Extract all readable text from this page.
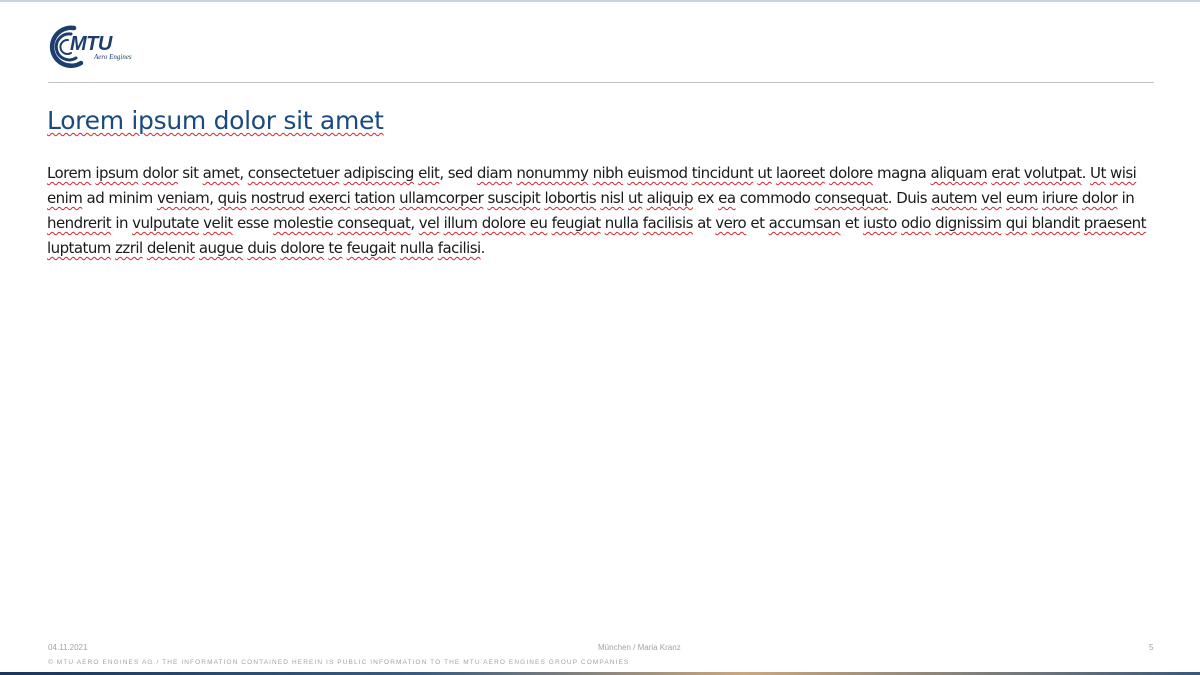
MTU
Aero Engines
Lorem ipsum dolor sit amet

Lorem ipsum dolor sit amet, consectetuer adipiscing elit, sed diam nonummy nibh euismod tincidunt ut laoreet dolore magna aliquam erat volutpat. Ut wisi enim ad minim veniam, quis nostrud exerci tation ullamcorper suscipit lobortis nisl ut aliquip ex ea commodo consequat. Duis autem vel eum iriure dolor in hendrerit in vulputate velit esse molestie consequat, vel illum dolore eu feugiat nulla facilisis at vero et accumsan et iusto odio dignissim qui blandit praesent luptatum zzril delenit augue duis dolore te feugait nulla facilisi.

04.11.2021	München / Maria Kranz	5
© MTU AERO ENGINES AG / THE INFORMATION CONTAINED HEREIN IS PUBLIC INFORMATION TO THE MTU AERO ENGINES GROUP COMPANIES
